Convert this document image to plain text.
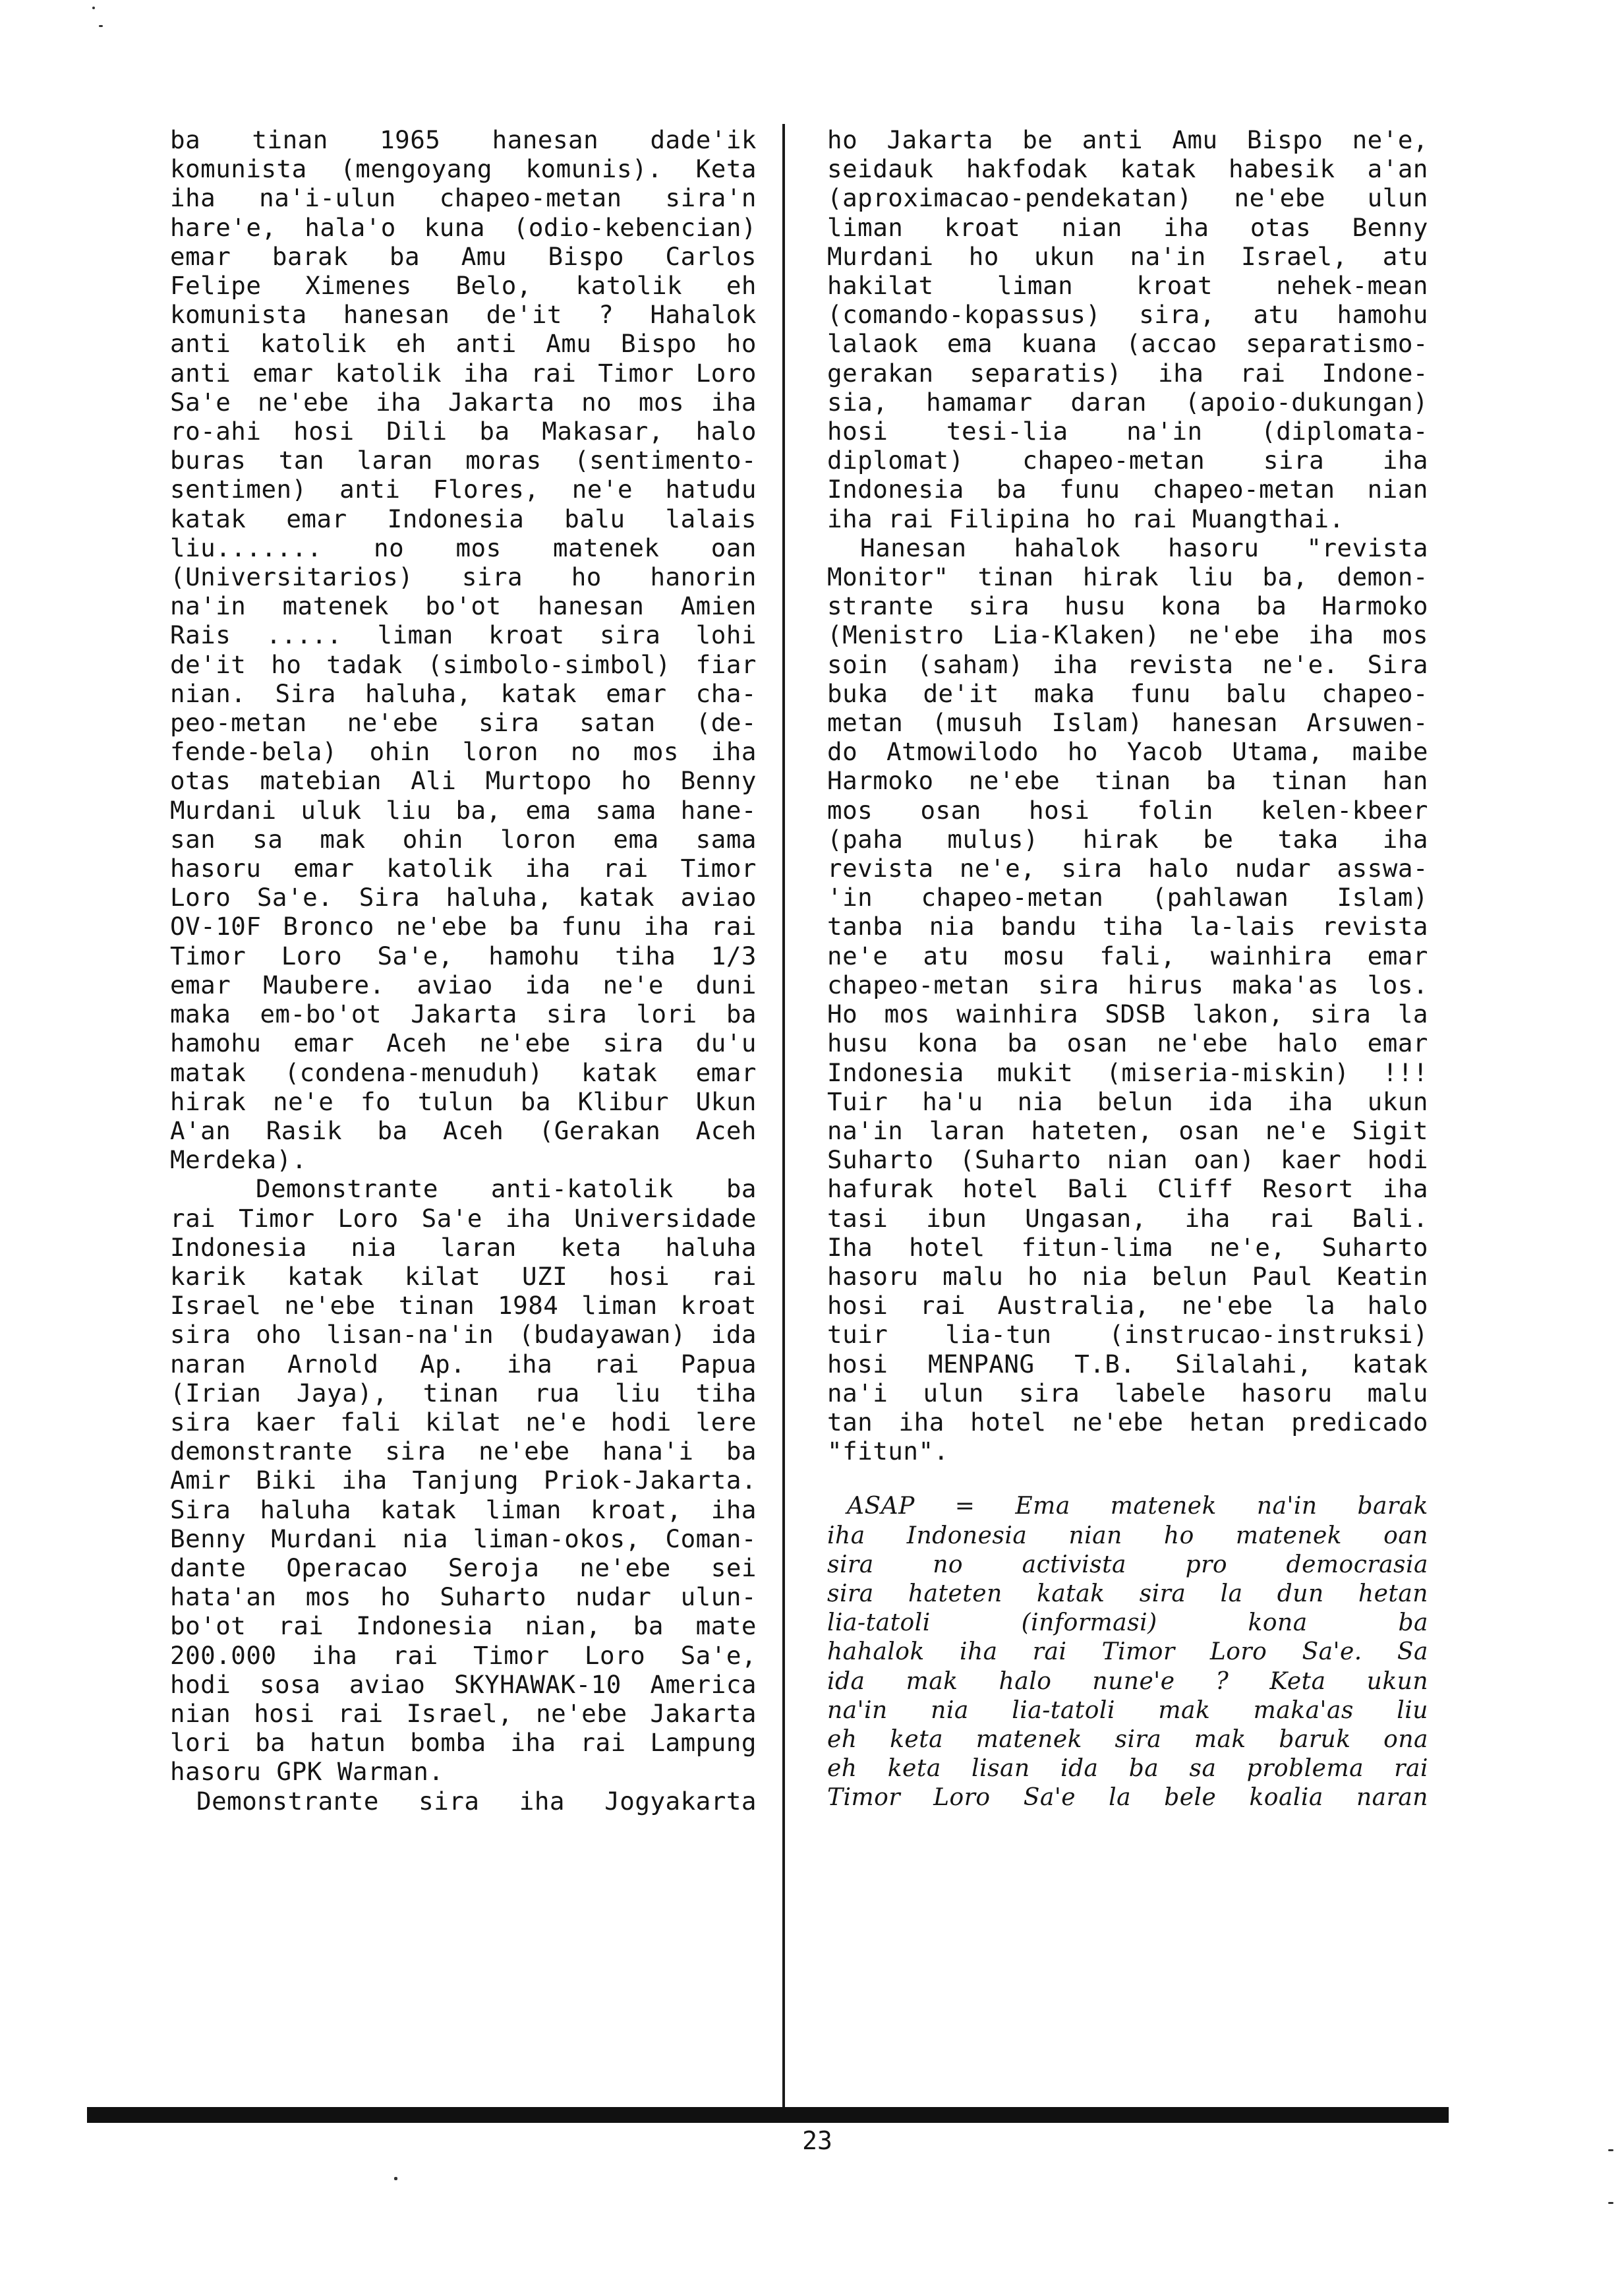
ba tinan 1965 hanesan dade'ik
komunista (mengoyang komunis). Keta
iha na'i-ulun chapeo-metan sira'n
hare'e, hala'o kuna (odio-kebencian)
emar barak ba Amu Bispo Carlos
Felipe Ximenes Belo, katolik eh
komunista hanesan de'it ? Hahalok
anti katolik eh anti Amu Bispo ho
anti emar katolik iha rai Timor Loro
Sa'e ne'ebe iha Jakarta no mos iha
ro-ahi hosi Dili ba Makasar, halo
buras tan laran moras (sentimento-
sentimen) anti Flores, ne'e hatudu
katak emar Indonesia balu lalais
liu....... no mos matenek oan
(Universitarios) sira ho hanorin
na'in matenek bo'ot hanesan Amien
Rais ..... liman kroat sira lohi
de'it ho tadak (simbolo-simbol) fiar
nian. Sira haluha, katak emar cha-
peo-metan ne'ebe sira satan (de-
fende-bela) ohin loron no mos iha
otas matebian Ali Murtopo ho Benny
Murdani uluk liu ba, ema sama hane-
san sa mak ohin loron ema sama
hasoru emar katolik iha rai Timor
Loro Sa'e. Sira haluha, katak aviao
OV-10F Bronco ne'ebe ba funu iha rai
Timor Loro Sa'e, hamohu tiha 1/3
emar Maubere. aviao ida ne'e duni
maka em-bo'ot Jakarta sira lori ba
hamohu emar Aceh ne'ebe sira du'u
matak (condena-menuduh) katak emar
hirak ne'e fo tulun ba Klibur Ukun
A'an Rasik ba Aceh (Gerakan Aceh
Merdeka).
Demonstrante anti-katolik ba
rai Timor Loro Sa'e iha Universidade
Indonesia nia laran keta haluha
karik katak kilat UZI hosi rai
Israel ne'ebe tinan 1984 liman kroat
sira oho lisan-na'in (budayawan) ida
naran Arnold Ap. iha rai Papua
(Irian Jaya), tinan rua liu tiha
sira kaer fali kilat ne'e hodi lere
demonstrante sira ne'ebe hana'i ba
Amir Biki iha Tanjung Priok-Jakarta.
Sira haluha katak liman kroat, iha
Benny Murdani nia liman-okos, Coman-
dante Operacao Seroja ne'ebe sei
hata'an mos ho Suharto nudar ulun-
bo'ot rai Indonesia nian, ba mate
200.000 iha rai Timor Loro Sa'e,
hodi sosa aviao SKYHAWAK-10 America
nian hosi rai Israel, ne'ebe Jakarta
lori ba hatun bomba iha rai Lampung
hasoru GPK Warman.
Demonstrante sira iha Jogyakarta
ho Jakarta be anti Amu Bispo ne'e,
seidauk hakfodak katak habesik a'an
(aproximacao-pendekatan) ne'ebe ulun
liman kroat nian iha otas Benny
Murdani ho ukun na'in Israel, atu
hakilat liman kroat nehek-mean
(comando-kopassus) sira, atu hamohu
lalaok ema kuana (accao separatismo-
gerakan separatis) iha rai Indone-
sia, hamamar daran (apoio-dukungan)
hosi tesi-lia na'in (diplomata-
diplomat) chapeo-metan sira iha
Indonesia ba funu chapeo-metan nian
iha rai Filipina ho rai Muangthai.
Hanesan hahalok hasoru "revista
Monitor" tinan hirak liu ba, demon-
strante sira husu kona ba Harmoko
(Menistro Lia-Klaken) ne'ebe iha mos
soin (saham) iha revista ne'e. Sira
buka de'it maka funu balu chapeo-
metan (musuh Islam) hanesan Arsuwen-
do Atmowilodo ho Yacob Utama, maibe
Harmoko ne'ebe tinan ba tinan han
mos osan hosi folin kelen-kbeer
(paha mulus) hirak be taka iha
revista ne'e, sira halo nudar asswa-
'in chapeo-metan (pahlawan Islam)
tanba nia bandu tiha la-lais revista
ne'e atu mosu fali, wainhira emar
chapeo-metan sira hirus maka'as los.
Ho mos wainhira SDSB lakon, sira la
husu kona ba osan ne'ebe halo emar
Indonesia mukit (miseria-miskin) !!!
Tuir ha'u nia belun ida iha ukun
na'in laran hateten, osan ne'e Sigit
Suharto (Suharto nian oan) kaer hodi
hafurak hotel Bali Cliff Resort iha
tasi ibun Ungasan, iha rai Bali.
Iha hotel fitun-lima ne'e, Suharto
hasoru malu ho nia belun Paul Keatin
hosi rai Australia, ne'ebe la halo
tuir lia-tun (instrucao-instruksi)
hosi MENPANG T.B. Silalahi, katak
na'i ulun sira labele hasoru malu
tan iha hotel ne'ebe hetan predicado
"fitun".
ASAP = Ema matenek na'in barak
iha Indonesia nian ho matenek oan
sira no activista pro democrasia
sira hateten katak sira la dun hetan
lia-tatoli (informasi) kona ba
hahalok iha rai Timor Loro Sa'e. Sa
ida mak halo nune'e ? Keta ukun
na'in nia lia-tatoli mak maka'as liu
eh keta matenek sira mak baruk ona
eh keta lisan ida ba sa problema rai
Timor Loro Sa'e la bele koalia naran
23
